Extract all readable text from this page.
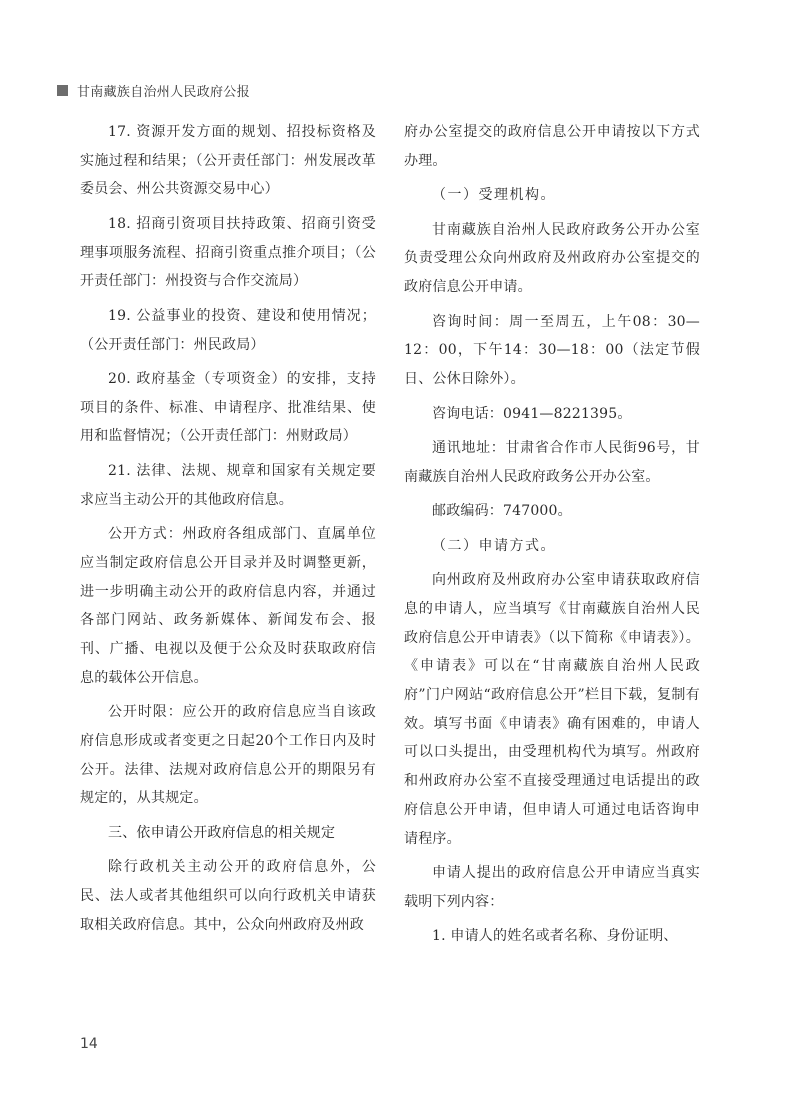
甘南藏族自治州人民政府公报

17. 资源开发方面的规划、招投标资格及实施过程和结果；（公开责任部门：州发展改革委员会、州公共资源交易中心）

18. 招商引资项目扶持政策、招商引资受理事项服务流程、招商引资重点推介项目；（公开责任部门：州投资与合作交流局）

19. 公益事业的投资、建设和使用情况；（公开责任部门：州民政局）

20. 政府基金（专项资金）的安排，支持项目的条件、标准、申请程序、批准结果、使用和监督情况；（公开责任部门：州财政局）

21. 法律、法规、规章和国家有关规定要求应当主动公开的其他政府信息。

公开方式：州政府各组成部门、直属单位应当制定政府信息公开目录并及时调整更新，进一步明确主动公开的政府信息内容，并通过各部门网站、政务新媒体、新闻发布会、报刊、广播、电视以及便于公众及时获取政府信息的载体公开信息。

公开时限：应公开的政府信息应当自该政府信息形成或者变更之日起20个工作日内及时公开。法律、法规对政府信息公开的期限另有规定的，从其规定。

三、依申请公开政府信息的相关规定

除行政机关主动公开的政府信息外，公民、法人或者其他组织可以向行政机关申请获取相关政府信息。其中，公众向州政府及州政

府办公室提交的政府信息公开申请按以下方式办理。

（一）受理机构。

甘南藏族自治州人民政府政务公开办公室负责受理公众向州政府及州政府办公室提交的政府信息公开申请。

咨询时间：周一至周五，上午08：30—12：00，下午14：30—18：00（法定节假日、公休日除外）。

咨询电话：0941—8221395。

通讯地址：甘肃省合作市人民街96号，甘南藏族自治州人民政府政务公开办公室。

邮政编码：747000。

（二）申请方式。

向州政府及州政府办公室申请获取政府信息的申请人，应当填写《甘南藏族自治州人民政府信息公开申请表》（以下简称《申请表》）。《申请表》可以在“甘南藏族自治州人民政府”门户网站“政府信息公开”栏目下载，复制有效。填写书面《申请表》确有困难的，申请人可以口头提出，由受理机构代为填写。州政府和州政府办公室不直接受理通过电话提出的政府信息公开申请，但申请人可通过电话咨询申请程序。

申请人提出的政府信息公开申请应当真实载明下列内容：

1. 申请人的姓名或者名称、身份证明、

14
